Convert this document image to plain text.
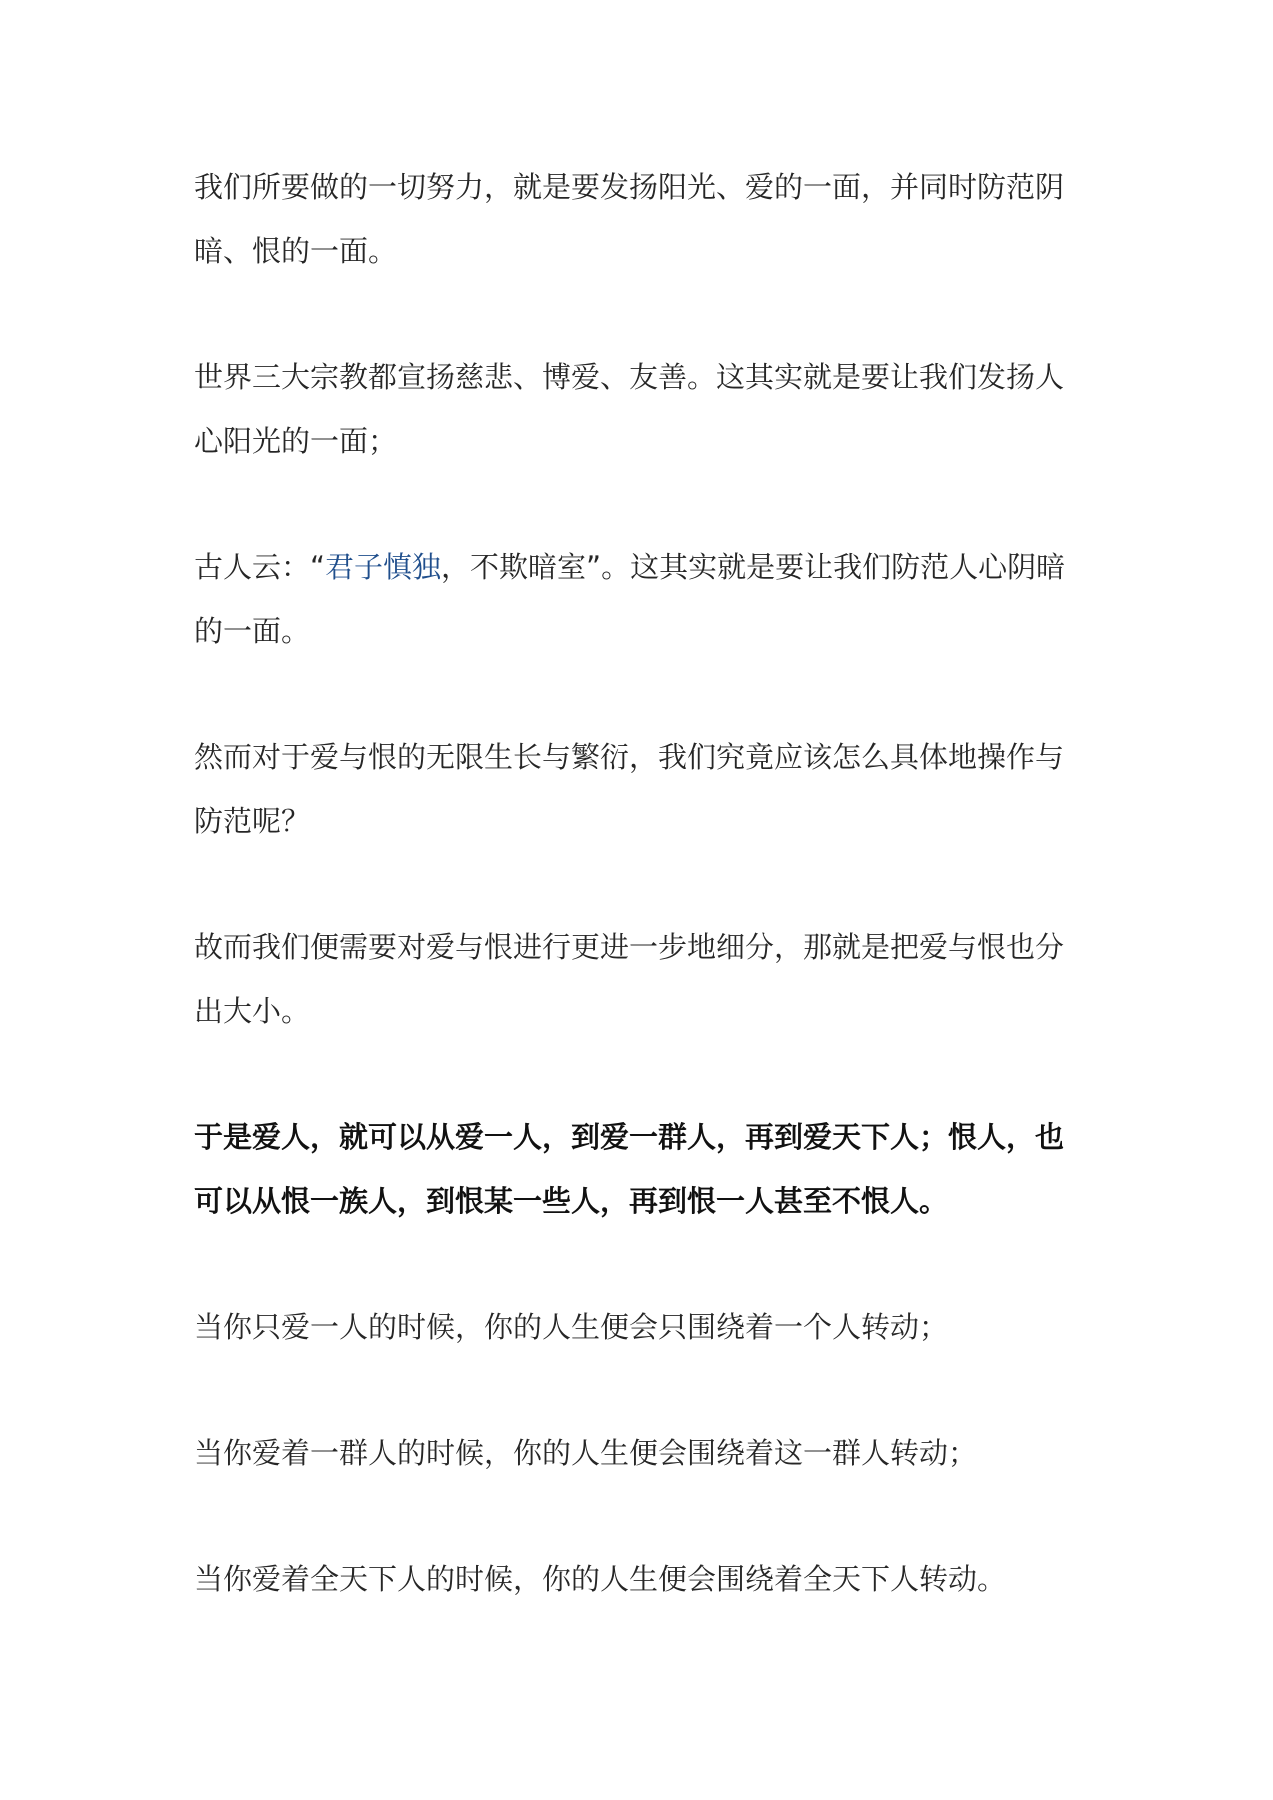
我们所要做的一切努力，就是要发扬阳光、爱的一面，并同时防范阴暗、恨的一面。

世界三大宗教都宣扬慈悲、博爱、友善。这其实就是要让我们发扬人心阳光的一面；

古人云：“君子慎独，不欺暗室”。这其实就是要让我们防范人心阴暗的一面。

然而对于爱与恨的无限生长与繁衍，我们究竟应该怎么具体地操作与防范呢？

故而我们便需要对爱与恨进行更进一步地细分，那就是把爱与恨也分出大小。

于是爱人，就可以从爱一人，到爱一群人，再到爱天下人；恨人，也可以从恨一族人，到恨某一些人，再到恨一人甚至不恨人。

当你只爱一人的时候，你的人生便会只围绕着一个人转动；

当你爱着一群人的时候，你的人生便会围绕着这一群人转动；

当你爱着全天下人的时候，你的人生便会围绕着全天下人转动。
